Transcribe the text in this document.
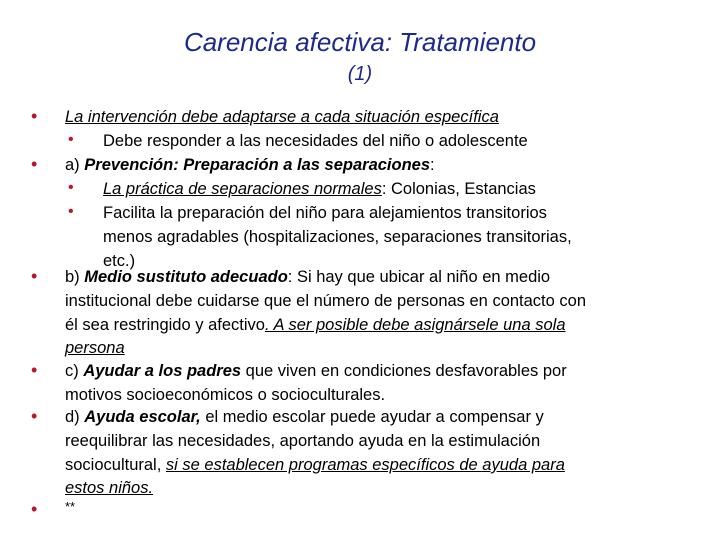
Carencia afectiva: Tratamiento
(1)
• La intervención debe adaptarse a cada situación específica
• Debe responder a las necesidades del niño o adolescente
• a) Prevención: Preparación a las separaciones:
• La práctica de separaciones normales: Colonias, Estancias
• Facilita la preparación del niño para alejamientos transitorios
menos agradables (hospitalizaciones, separaciones transitorias,
etc.)
• b) Medio sustituto adecuado: Si hay que ubicar al niño en medio
institucional debe cuidarse que el número de personas en contacto con
él sea restringido y afectivo. A ser posible debe asignársele una sola
persona
• c) Ayudar a los padres que viven en condiciones desfavorables por
motivos socioeconómicos o socioculturales.
• d) Ayuda escolar, el medio escolar puede ayudar a compensar y
reequilibrar las necesidades, aportando ayuda en la estimulación
sociocultural, si se establecen programas específicos de ayuda para
estos niños.
• **
